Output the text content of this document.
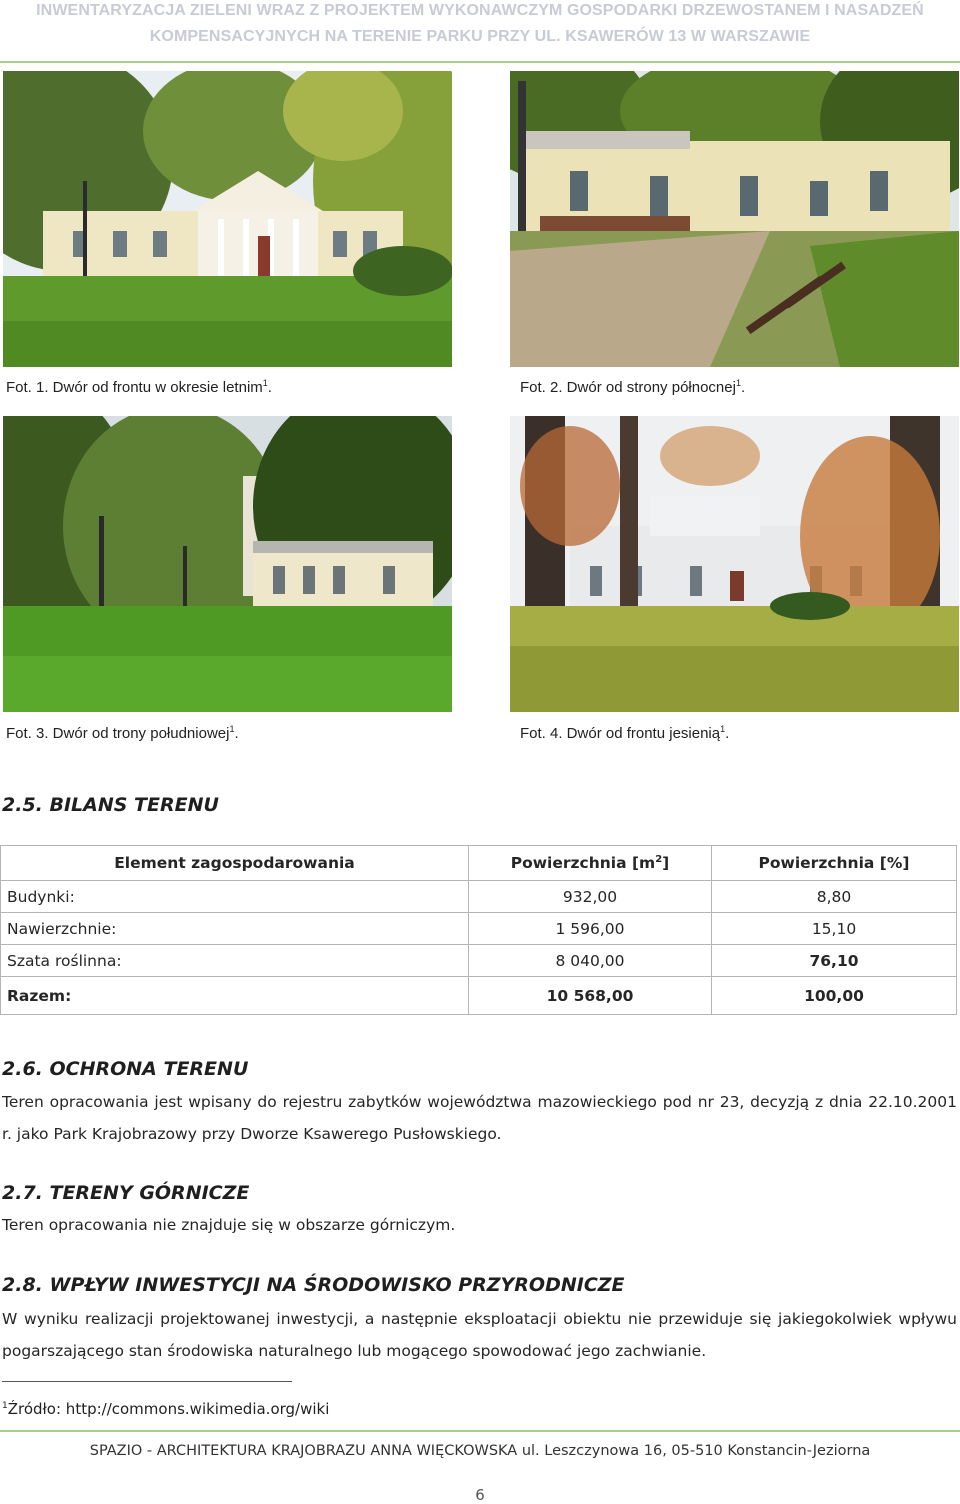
INWENTARYZACJA ZIELENI WRAZ Z PROJEKTEM WYKONAWCZYM GOSPODARKI DRZEWOSTANEM I NASADZEŃ
KOMPENSACYJNYCH NA TERENIE PARKU PRZY UL. KSAWERÓW 13 W WARSZAWIE
Fot. 1. Dwór od frontu w okresie letnim$^1$.	Fot. 2. Dwór od strony północnej$^1$.
Fot. 3. Dwór od trony południowej$^1$.	Fot. 4. Dwór od frontu jesienią$^1$.
2.5. BILANS TERENU
Element zagospodarowania	Powierzchnia $[m^2]$	Powierzchnia [%]
Budynki:	932,00	8,80
Nawierzchnie:	1 596,00	15,10
Szata roślinna:	8 040,00	76,10
Razem:	10 568,00	100,00
2.6. OCHRONA TERENU
Teren opracowania jest wpisany do rejestru zabytków województwa mazowieckiego pod nr 23, decyzją z dnia 22.10.2001 r. jako Park Krajobrazowy przy Dworze Ksawerego Pusłowskiego.
2.7. TERENY GÓRNICZE
Teren opracowania nie znajduje się w obszarze górniczym.
2.8. WPŁYW INWESTYCJI NA ŚRODOWISKO PRZYRODNICZE
W wyniku realizacji projektowanej inwestycji, a następnie eksploatacji obiektu nie przewiduje się jakiegokolwiek wpływu pogarszającego stan środowiska naturalnego lub mogącego spowodować jego zachwianie.
$^1$Źródło: http://commons.wikimedia.org/wiki
SPAZIO - ARCHITEKTURA KRAJOBRAZU ANNA WIĘCKOWSKA ul. Leszczynowa 16, 05-510 Konstancin-Jeziorna
6
